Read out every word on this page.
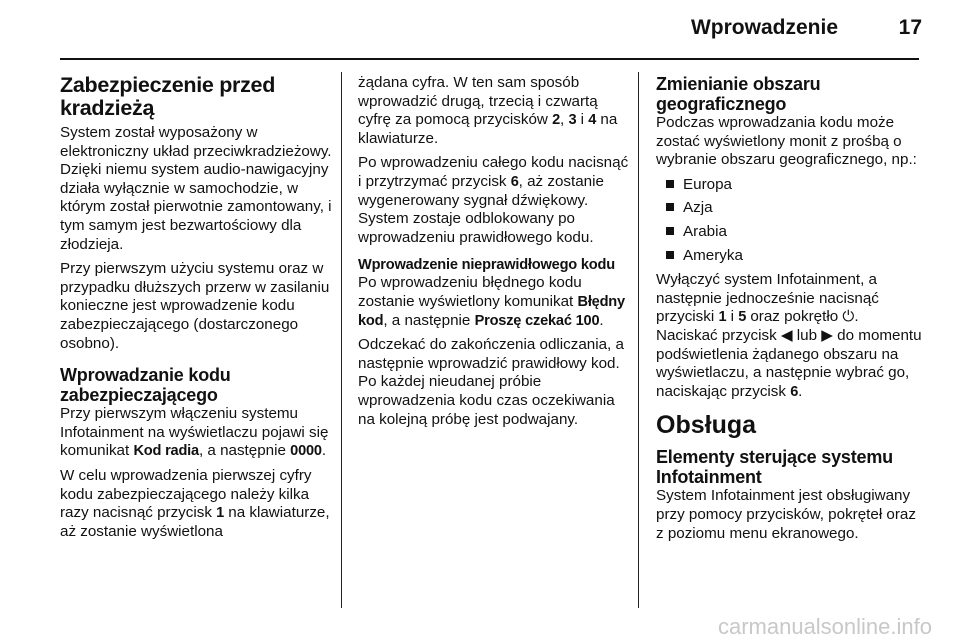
Wprowadzenie	17
Zabezpieczenie przed kradzieżą

System został wyposażony w elektroniczny układ przeciwkradzieżowy. Dzięki niemu system audio-nawigacyjny działa wyłącznie w samochodzie, w którym został pierwotnie zamontowany, i tym samym jest bezwartościowy dla złodzieja.

Przy pierwszym użyciu systemu oraz w przypadku dłuższych przerw w zasilaniu konieczne jest wprowadzenie kodu zabezpieczającego (dostarczonego osobno).

Wprowadzanie kodu zabezpieczającego

Przy pierwszym włączeniu systemu Infotainment na wyświetlaczu pojawi się komunikat Kod radia, a następnie 0000.

W celu wprowadzenia pierwszej cyfry kodu zabezpieczającego należy kilka razy nacisnąć przycisk 1 na klawiaturze, aż zostanie wyświetlona

żądana cyfra. W ten sam sposób wprowadzić drugą, trzecią i czwartą cyfrę za pomocą przycisków 2, 3 i 4 na klawiaturze.

Po wprowadzeniu całego kodu nacisnąć i przytrzymać przycisk 6, aż zostanie wygenerowany sygnał dźwiękowy. System zostaje odblokowany po wprowadzeniu prawidłowego kodu.

Wprowadzenie nieprawidłowego kodu

Po wprowadzeniu błędnego kodu zostanie wyświetlony komunikat Błędny kod, a następnie Proszę czekać 100.

Odczekać do zakończenia odliczania, a następnie wprowadzić prawidłowy kod. Po każdej nieudanej próbie wprowadzenia kodu czas oczekiwania na kolejną próbę jest podwajany.

Zmienianie obszaru geograficznego

Podczas wprowadzania kodu może zostać wyświetlony monit z prośbą o wybranie obszaru geograficznego, np.:

Europa
Azja
Arabia
Ameryka

Wyłączyć system Infotainment, a następnie jednocześnie nacisnąć przyciski 1 i 5 oraz pokrętło ⏻. Naciskać przycisk ◀ lub ▶ do momentu podświetlenia żądanego obszaru na wyświetlaczu, a następnie wybrać go, naciskając przycisk 6.

Obsługa
Elementy sterujące systemu Infotainment

System Infotainment jest obsługiwany przy pomocy przycisków, pokręteł oraz z poziomu menu ekranowego.

carmanualsonline.info
